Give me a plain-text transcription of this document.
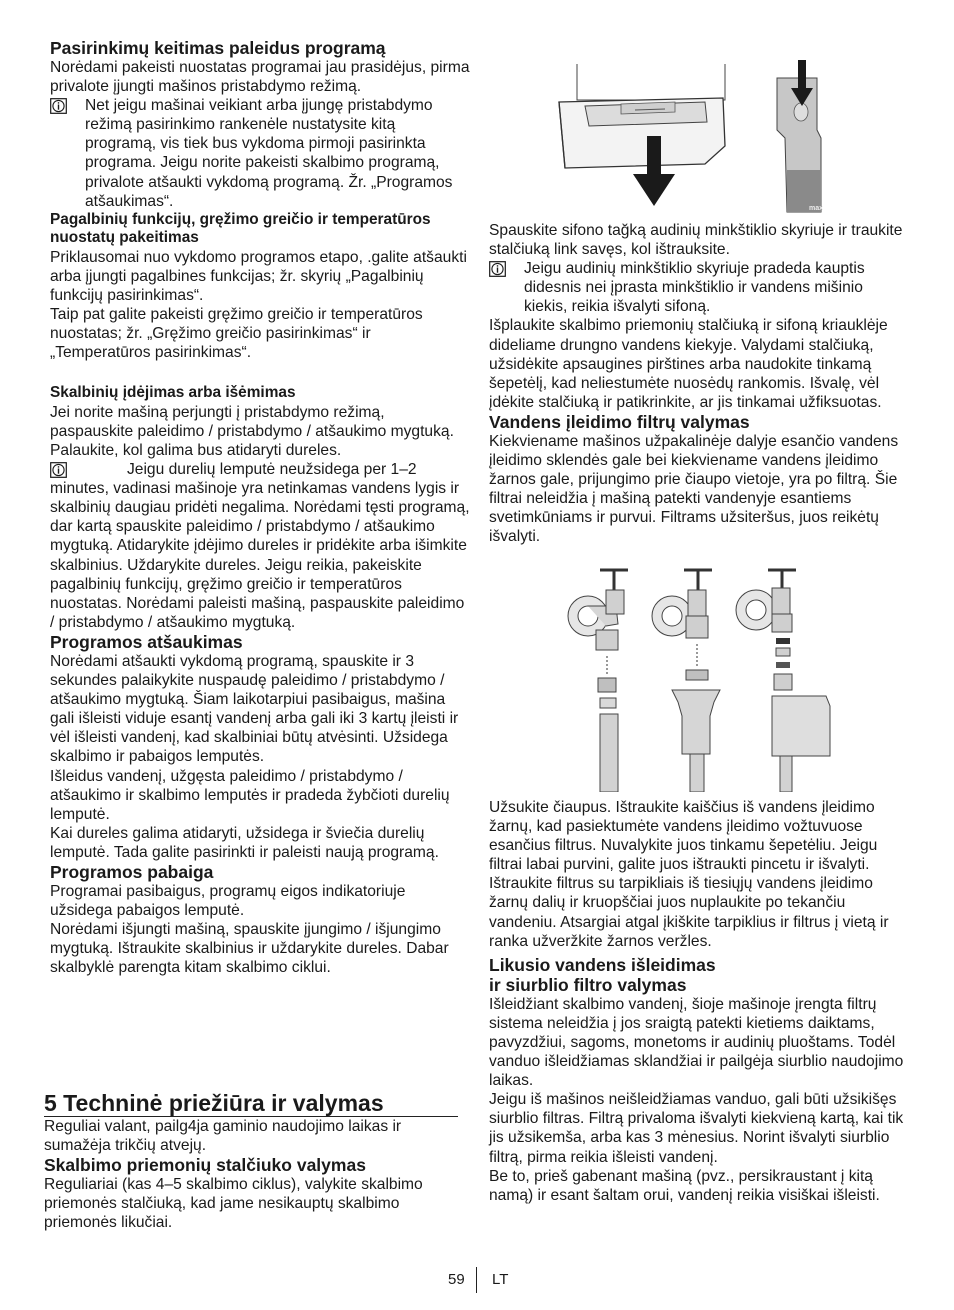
Pasirinkimų keitimas paleidus programą
Norėdami pakeisti nuostatas programai jau prasidėjus, pirma privalote įjungti mašinos pristabdymo režimą.
Net jeigu mašinai veikiant arba įjungę pristabdymo režimą pasirinkimo rankenėle nustatysite kitą programą, vis tiek bus vykdoma pirmoji pasirinkta programa. Jeigu norite pakeisti skalbimo programą, privalote atšaukti vykdomą programą. Žr. „Programos atšaukimas“.
Pagalbinių funkcijų, gręžimo greičio ir temperatūros nuostatų pakeitimas
Priklausomai nuo vykdomo programos etapo, .galite atšaukti arba įjungti pagalbines funkcijas; žr. skyrių „Pagalbinių funkcijų pasirinkimas“.
Taip pat galite pakeisti gręžimo greičio ir temperatūros nuostatas; žr. „Gręžimo greičio pasirinkimas“ ir „Temperatūros pasirinkimas“.
Skalbinių įdėjimas arba išėmimas
Jei norite mašiną perjungti į pristabdymo režimą, paspauskite paleidimo / pristabdymo / atšaukimo mygtuką. Palaukite, kol galima bus atidaryti dureles.
Jeigu durelių lemputė neužsidega per 1–2
minutes, vadinasi mašinoje yra netinkamas vandens lygis ir skalbinių daugiau pridėti negalima. Norėdami tęsti programą, dar kartą spauskite paleidimo / pristabdymo / atšaukimo mygtuką. Atidarykite įdėjimo dureles ir pridėkite arba išimkite skalbinius. Uždarykite dureles. Jeigu reikia, pakeiskite pagalbinių funkcijų, gręžimo greičio ir temperatūros nuostatas. Norėdami paleisti mašiną, paspauskite paleidimo / pristabdymo / atšaukimo mygtuką.
Programos atšaukimas
Norėdami atšaukti vykdomą programą, spauskite ir 3 sekundes palaikykite nuspaudę paleidimo / pristabdymo / atšaukimo mygtuką. Šiam laikotarpiui pasibaigus, mašina gali išleisti viduje esantį vandenį arba gali iki 3 kartų įleisti ir vėl išleisti vandenį, kad skalbiniai būtų atvėsinti. Užsidega skalbimo ir pabaigos lemputės.
Išleidus vandenį, užgęsta paleidimo / pristabdymo / atšaukimo ir skalbimo lemputės ir pradeda žybčioti durelių lemputė.
Kai dureles galima atidaryti, užsidega ir šviečia durelių lemputė. Tada galite pasirinkti ir paleisti naują programą.
Programos pabaiga
Programai pasibaigus, programų eigos indikatoriuje užsidega pabaigos lemputė.
Norėdami išjungti mašiną, spauskite įjungimo / išjungimo mygtuką. Ištraukite skalbinius ir uždarykite dureles. Dabar skalbyklė parengta kitam skalbimo ciklui.
5 Techninė priežiūra ir valymas
Reguliai valant, pailg4ja gaminio naudojimo laikas ir sumažėja trikčių atvejų.
Skalbimo priemonių stalčiuko valymas
Reguliariai (kas 4–5 skalbimo ciklus), valykite skalbimo priemonės stalčiuką, kad jame nesikauptų skalbimo priemonės likučiai.
max
Spauskite sifono tağką audinių minkštiklio skyriuje ir traukite stalčiuką link savęs, kol ištrauksite.
Jeigu audinių minkštiklio skyriuje pradeda kauptis didesnis nei įprasta minkštiklio ir vandens mišinio kiekis, reikia išvalyti sifoną.
Išplaukite skalbimo priemonių stalčiuką ir sifoną kriauklėje dideliame drungno vandens kiekyje. Valydami stalčiuką, užsidėkite apsaugines pirštines arba naudokite tinkamą šepetėlį, kad neliestumėte nuosėdų rankomis. Išvalę, vėl įdėkite stalčiuką ir patikrinkite, ar jis tinkamai užfiksuotas.
Vandens įleidimo filtrų valymas
Kiekviename mašinos užpakalinėje dalyje esančio vandens įleidimo sklendės gale bei kiekviename vandens įleidimo žarnos gale, prijungimo prie čiaupo vietoje, yra po filtrą. Šie filtrai neleidžia į mašiną patekti vandenyje esantiems svetimkūniams ir purvui. Filtrams užsiteršus, juos reikėtų išvalyti.
Užsukite čiaupus. Ištraukite kaiščius iš vandens įleidimo žarnų, kad pasiektumėte vandens įleidimo vožtuvuose esančius filtrus. Nuvalykite juos tinkamu šepetėliu. Jeigu filtrai labai purvini, galite juos ištraukti pincetu ir išvalyti. Ištraukite filtrus su tarpikliais iš tiesiųjų vandens įleidimo žarnų dalių ir kruopščiai juos nuplaukite po tekančiu vandeniu. Atsargiai atgal įkiškite tarpiklius ir filtrus į vietą ir ranka užveržkite žarnos veržles.
Likusio vandens išleidimas
ir siurblio filtro valymas
Išleidžiant skalbimo vandenį, šioje mašinoje įrengta filtrų sistema neleidžia į jos sraigtą patekti kietiems daiktams, pavyzdžiui, sagoms, monetoms ir audinių pluoštams. Todėl vanduo išleidžiamas sklandžiai ir pailgėja siurblio naudojimo laikas.
Jeigu iš mašinos neišleidžiamas vanduo, gali būti užsikišęs siurblio filtras. Filtrą privaloma išvalyti kiekvieną kartą, kai tik jis užsikemša, arba kas 3 mėnesius. Norint išvalyti siurblio filtrą, pirma reikia išleisti vandenį.
Be to, prieš gabenant mašiną (pvz., persikraustant į kitą namą) ir esant šaltam orui, vandenį reikia visiškai išleisti.
59 LT
